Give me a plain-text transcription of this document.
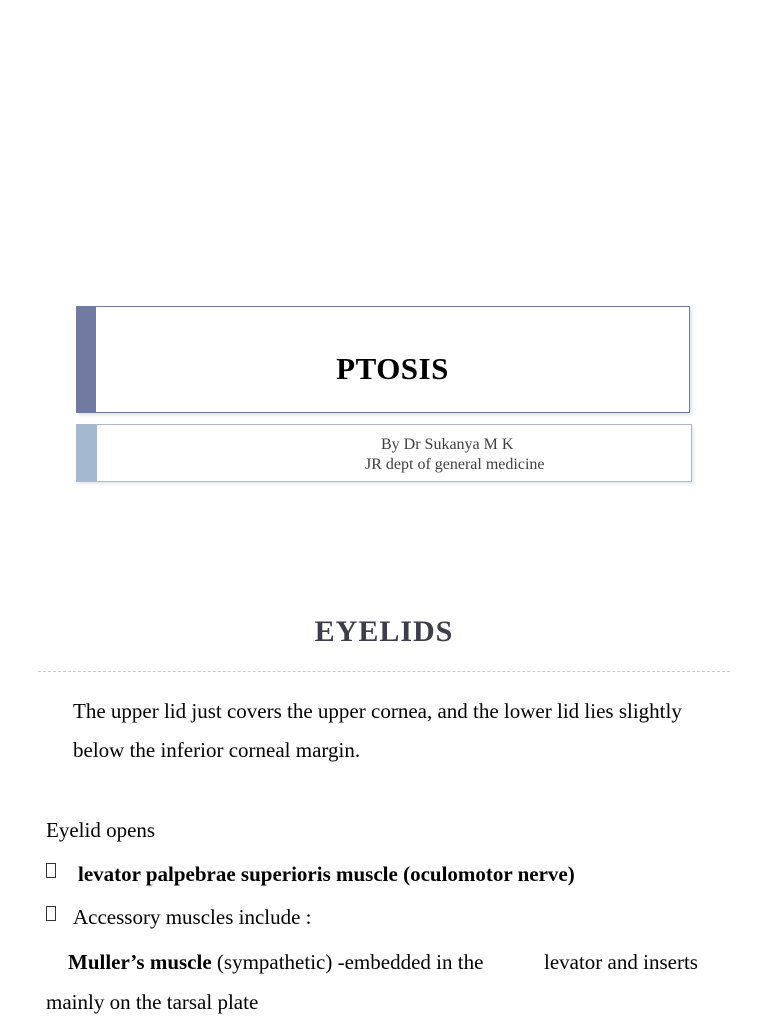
PTOSIS
By Dr Sukanya M K
JR dept of general medicine
EYELIDS
The upper lid just covers the upper cornea, and the lower lid lies slightly
below the inferior corneal margin.
Eyelid opens
levator palpebrae superioris muscle (oculomotor nerve)
Accessory muscles include :
Muller’s muscle (sympathetic) -embedded in the	levator and inserts
mainly on the tarsal plate
